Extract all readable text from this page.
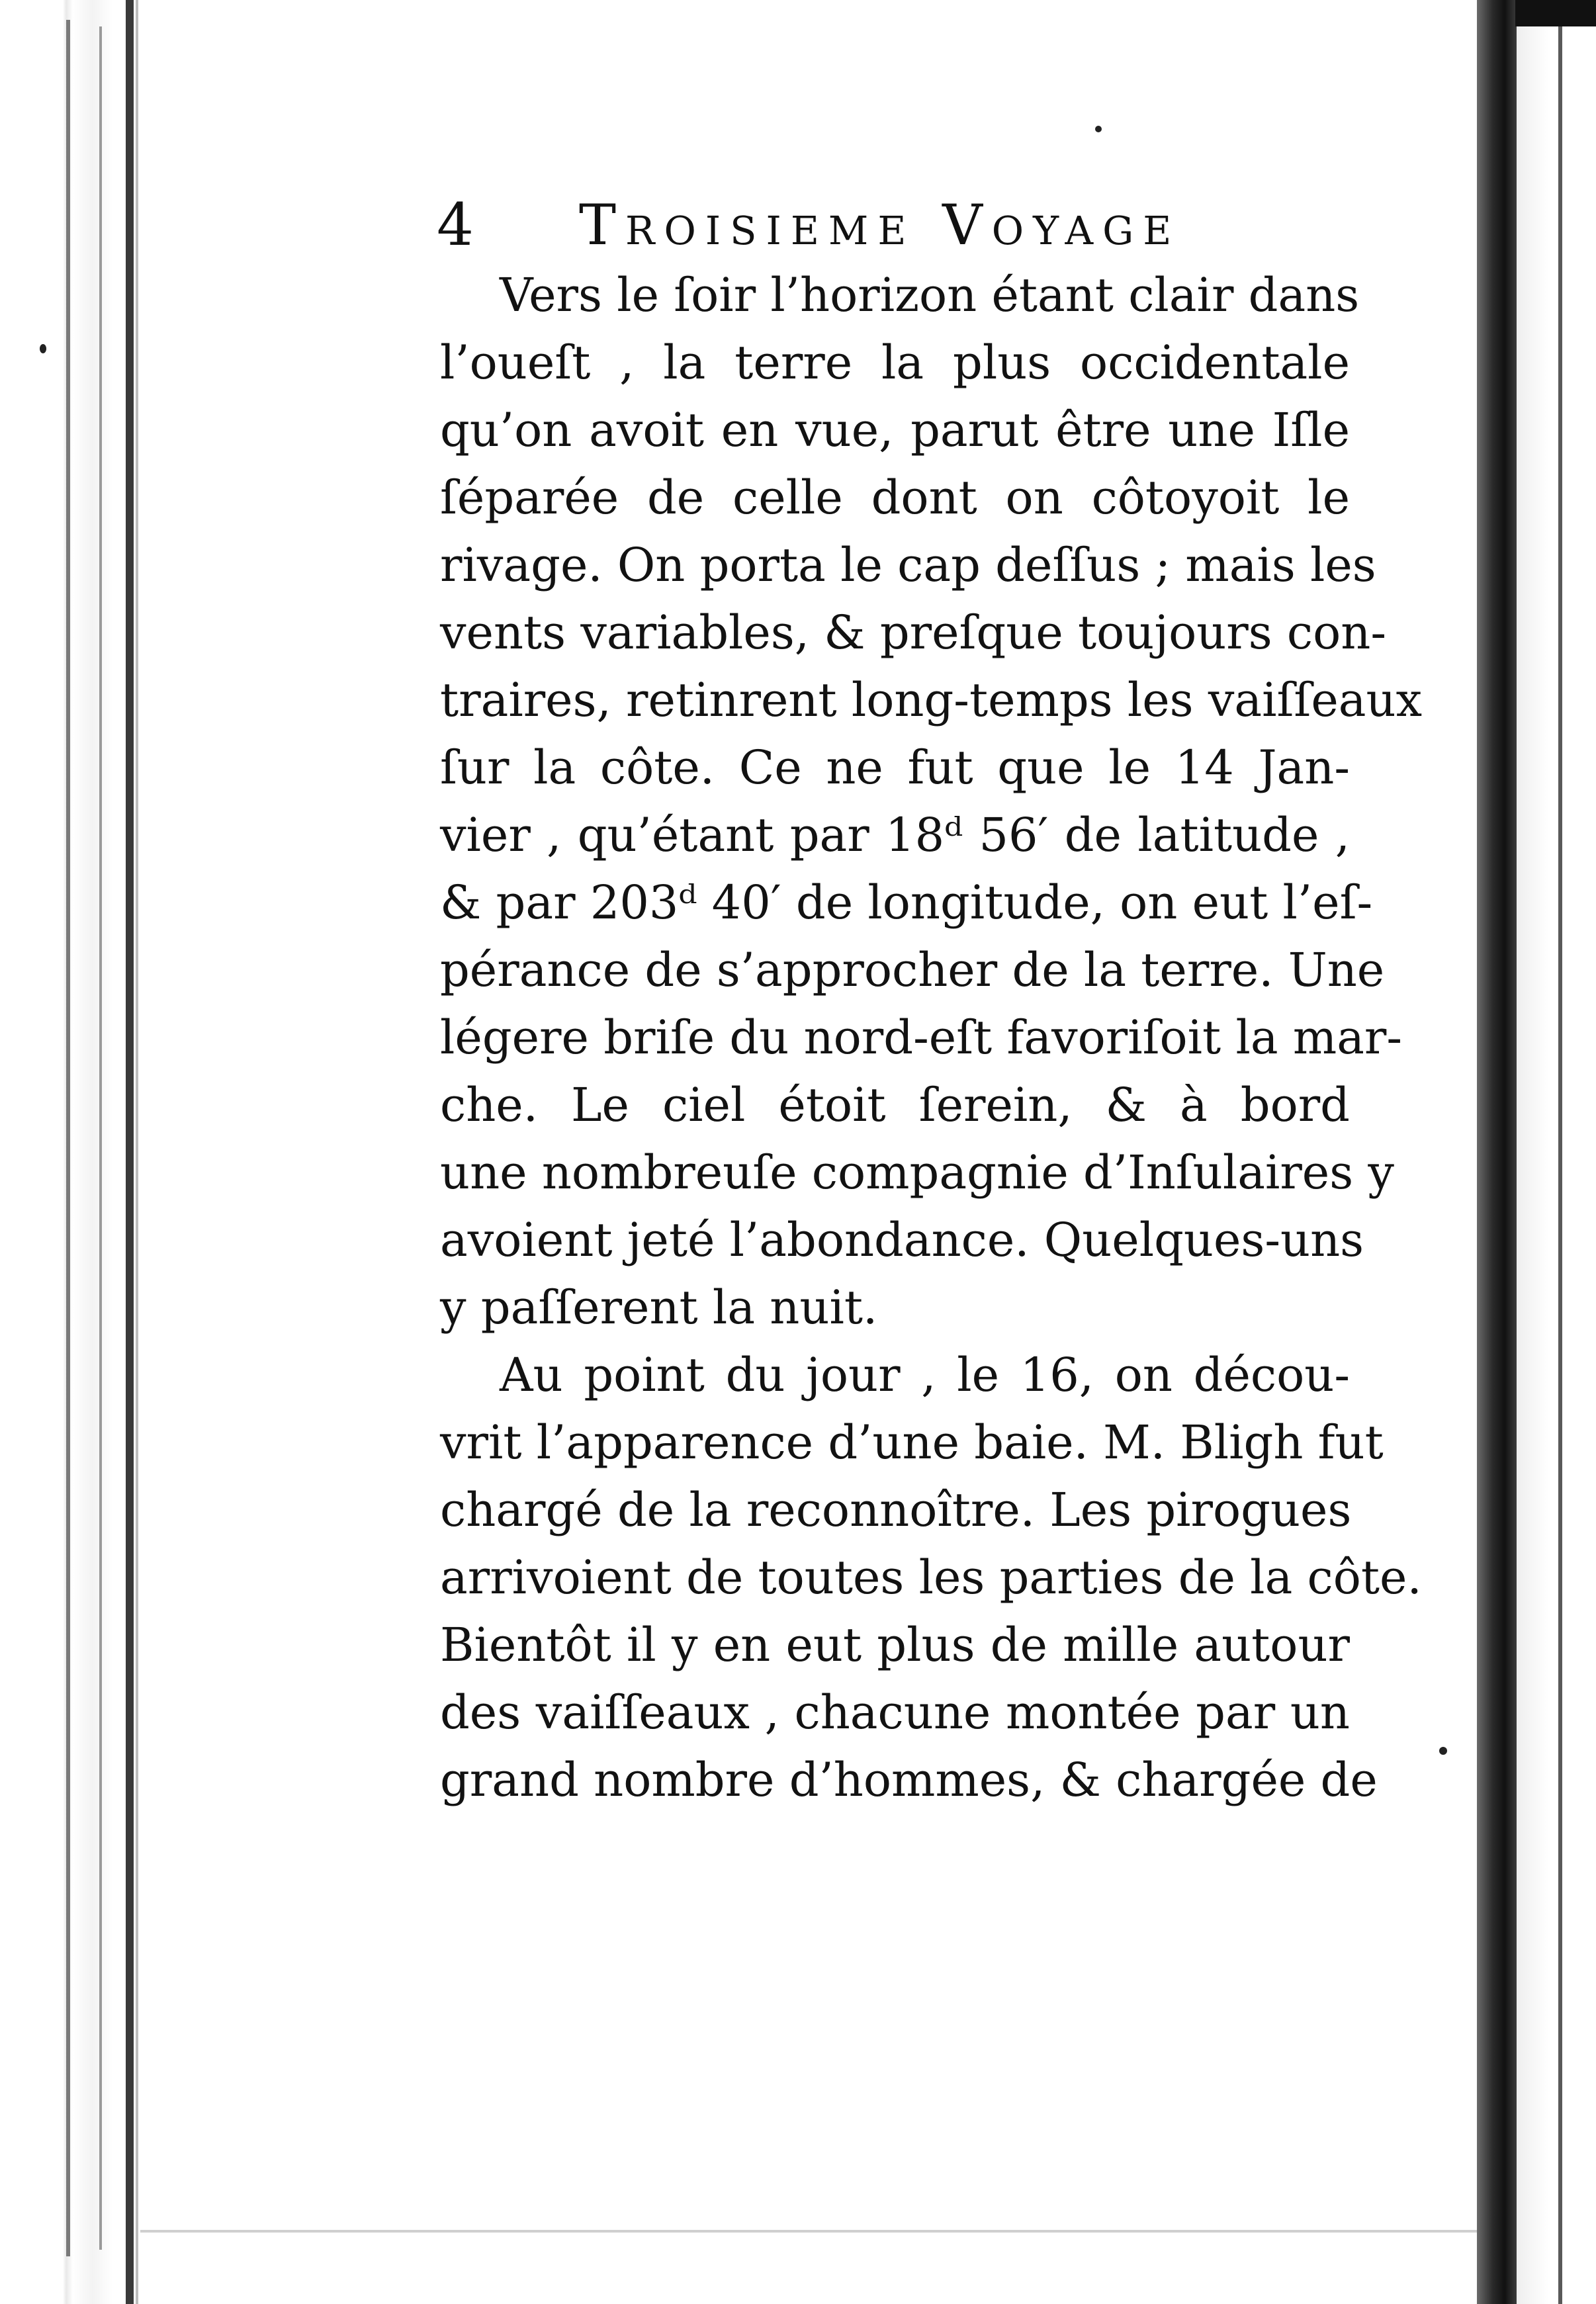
4 Troisieme Voyage
Vers le ſoir l’horizon étant clair dans
l’oueſt , la terre la plus occidentale
qu’on avoit en vue, parut être une Iſle
ſéparée de celle dont on côtoyoit le
rivage. On porta le cap deſſus ; mais les
vents variables, & preſque toujours con-
traires, retinrent long-temps les vaiſſeaux
ſur la côte. Ce ne fut que le 14 Jan-
vier , qu’étant par 18ᵈ 56′ de latitude ,
& par 203ᵈ 40′ de longitude, on eut l’eſ-
pérance de s’approcher de la terre. Une
légere briſe du nord-eſt favoriſoit la mar-
che. Le ciel étoit ſerein, & à bord
une nombreuſe compagnie d’Inſulaires y
avoient jeté l’abondance. Quelques-uns
y paſſerent la nuit.
Au point du jour , le 16, on décou-
vrit l’apparence d’une baie. M. Bligh fut
chargé de la reconnoître. Les pirogues
arrivoient de toutes les parties de la côte.
Bientôt il y en eut plus de mille autour
des vaiſſeaux , chacune montée par un
grand nombre d’hommes, & chargée de
